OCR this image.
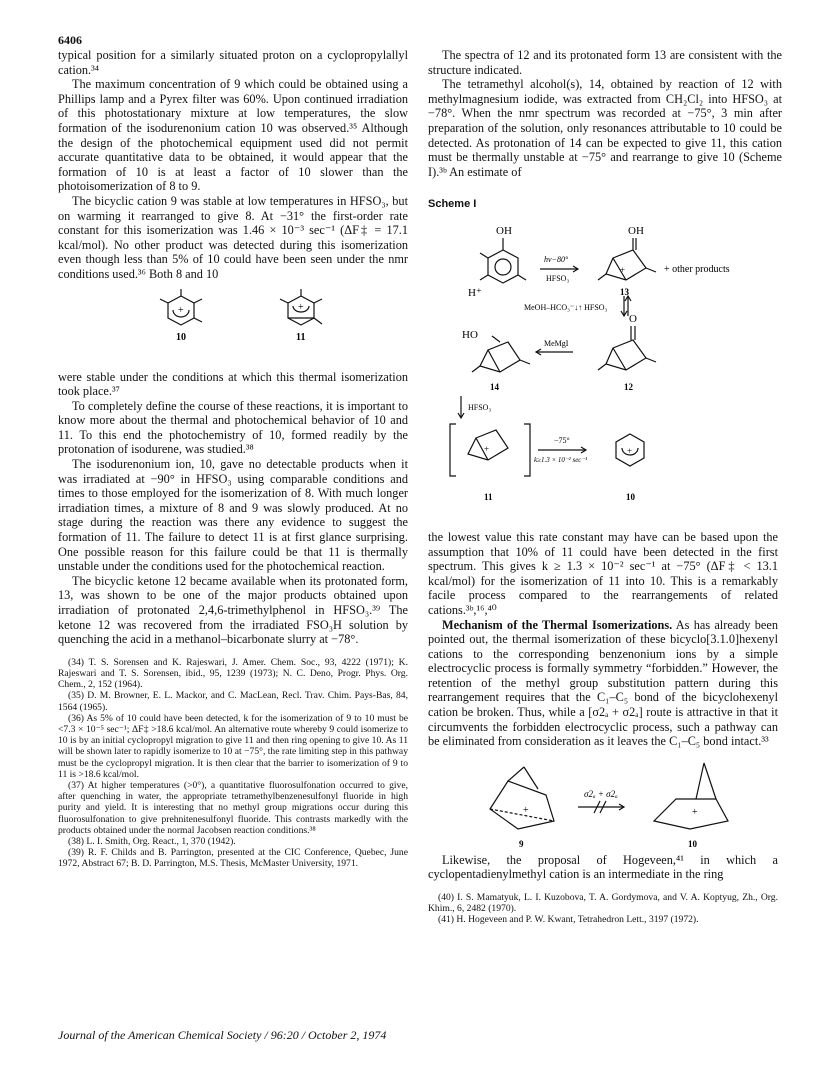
6406

typical position for a similarly situated proton on a cyclopropylallyl cation.³⁴

The maximum concentration of 9 which could be obtained using a Phillips lamp and a Pyrex filter was 60%. Upon continued irradiation of this photostationary mixture at low temperatures, the slow formation of the isodurenonium cation 10 was observed.³⁵ Although the design of the photochemical equipment used did not permit accurate quantitative data to be obtained, it would appear that the formation of 10 is at least a factor of 10 slower than the photoisomerization of 8 to 9.

The bicyclic cation 9 was stable at low temperatures in HFSO₃, but on warming it rearranged to give 8. At −31° the first-order rate constant for this isomerization was 1.46 × 10⁻³ sec⁻¹ (ΔF‡ = 17.1 kcal/mol). No other product was detected during this isomerization even though less than 5% of 10 could have been seen under the nmr conditions used.³⁶ Both 8 and 10

+
10
+
11

were stable under the conditions at which this thermal isomerization took place.³⁷

To completely define the course of these reactions, it is important to know more about the thermal and photochemical behavior of 10 and 11. To this end the photochemistry of 10, formed readily by the protonation of isodurene, was studied.³⁸

The isodurenonium ion, 10, gave no detectable products when it was irradiated at −90° in HFSO₃ using comparable conditions and times to those employed for the isomerization of 8. With much longer irradiation times, a mixture of 8 and 9 was slowly produced. At no stage during the reaction was there any evidence to suggest the formation of 11. The failure to detect 11 is at first glance surprising. One possible reason for this failure could be that 11 is thermally unstable under the conditions used for the photochemical reaction.

The bicyclic ketone 12 became available when its protonated form, 13, was shown to be one of the major products obtained upon irradiation of protonated 2,4,6-trimethylphenol in HFSO₃.³⁹ The ketone 12 was recovered from the irradiated FSO₃H solution by quenching the acid in a methanol–bicarbonate slurry at −78°.

(34) T. S. Sorensen and K. Rajeswari, J. Amer. Chem. Soc., 93, 4222 (1971); K. Rajeswari and T. S. Sorensen, ibid., 95, 1239 (1973); N. C. Deno, Progr. Phys. Org. Chem., 2, 152 (1964).

(35) D. M. Browner, E. L. Mackor, and C. MacLean, Recl. Trav. Chim. Pays-Bas, 84, 1564 (1965).

(36) As 5% of 10 could have been detected, k for the isomerization of 9 to 10 must be <7.3 × 10⁻⁵ sec⁻¹; ΔF‡ >18.6 kcal/mol. An alternative route whereby 9 could isomerize to 10 is by an initial cyclopropyl migration to give 11 and then ring opening to give 10. As 11 will be shown later to rapidly isomerize to 10 at −75°, the rate limiting step in this pathway must be the cyclopropyl migration. It is then clear that the barrier to isomerization of 9 to 11 is >18.6 kcal/mol.

(37) At higher temperatures (>0°), a quantitative fluorosulfonation occurred to give, after quenching in water, the appropriate tetramethylbenzenesulfonyl fluoride in high purity and yield. It is interesting that no methyl group migrations occur during this fluorosulfonation to give prehnitenesulfonyl fluoride. This contrasts markedly with the products obtained under the normal Jacobsen reaction conditions.³⁸

(38) L. I. Smith, Org. React., 1, 370 (1942).

(39) R. F. Childs and B. Parrington, presented at the CIC Conference, Quebec, June 1972, Abstract 67; B. D. Parrington, M.S. Thesis, McMaster University, 1971.

The spectra of 12 and its protonated form 13 are consistent with the structure indicated.

The tetramethyl alcohol(s), 14, obtained by reaction of 12 with methylmagnesium iodide, was extracted from CH₂Cl₂ into HFSO₃ at −78°. When the nmr spectrum was recorded at −75°, 3 min after preparation of the solution, only resonances attributable to 10 could be detected. As protonation of 14 can be expected to give 11, this cation must be thermally unstable at −75° and rearrange to give 10 (Scheme I).³ᵇ An estimate of

Scheme I
OH	OH
H⁺
hν−80°
HFSO₃
+	+ other products
13
MeOH–HCO₃⁻↓↑ HFSO₃
HO
O
MeMgI
14	12
HFSO₃
+
−75°
k≥1.3 × 10⁻² sec⁻¹
+
11	10

the lowest value this rate constant may have can be based upon the assumption that 10% of 11 could have been detected in the first spectrum. This gives k ≥ 1.3 × 10⁻² sec⁻¹ at −75° (ΔF‡ < 13.1 kcal/mol) for the isomerization of 11 into 10. This is a remarkably facile process compared to the rearrangements of related cations.³ᵇ,¹⁶,⁴⁰

Mechanism of the Thermal Isomerizations. As has already been pointed out, the thermal isomerization of these bicyclo[3.1.0]hexenyl cations to the corresponding benzenonium ions by a simple electrocyclic process is formally symmetry “forbidden.” However, the retention of the methyl group substitution pattern during this rearrangement requires that the C₁–C₅ bond of the bicyclohexenyl cation be broken. Thus, while a [σ2ₐ + σ2ₐ] route is attractive in that it circumvents the forbidden electrocyclic process, such a pathway can be eliminated from consideration as it leaves the C₁–C₅ bond intact.³³

+
σ2ₐ + σ2ₐ
+
9	10

Likewise, the proposal of Hogeveen,⁴¹ in which a cyclopentadienylmethyl cation is an intermediate in the ring

(40) I. S. Mamatyuk, L. I. Kuzobova, T. A. Gordymova, and V. A. Koptyug, Zh., Org. Khim., 6, 2482 (1970).

(41) H. Hogeveen and P. W. Kwant, Tetrahedron Lett., 3197 (1972).

Journal of the American Chemical Society / 96:20 / October 2, 1974
